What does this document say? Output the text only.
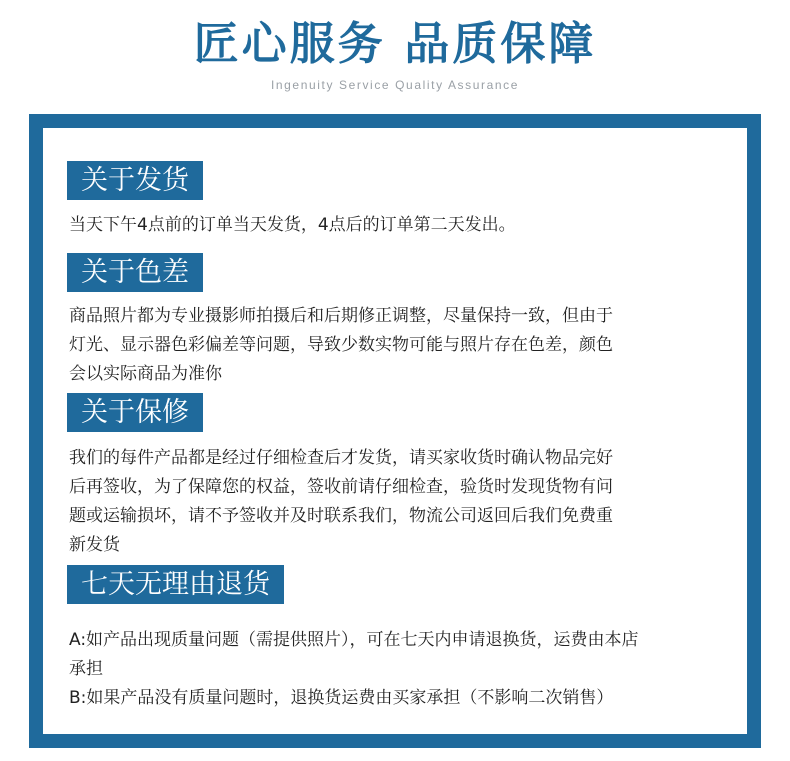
匠心服务 品质保障
Ingenuity Service Quality Assurance
关于发货
当天下午4点前的订单当天发货，4点后的订单第二天发出。
关于色差
商品照片都为专业摄影师拍摄后和后期修正调整，尽量保持一致，但由于
灯光、显示器色彩偏差等问题，导致少数实物可能与照片存在色差，颜色
会以实际商品为准你
关于保修
我们的每件产品都是经过仔细检查后才发货，请买家收货时确认物品完好
后再签收，为了保障您的权益，签收前请仔细检查，验货时发现货物有问
题或运输损坏，请不予签收并及时联系我们，物流公司返回后我们免费重
新发货
七天无理由退货
A:如产品出现质量问题（需提供照片），可在七天内申请退换货，运费由本店
承担
B:如果产品没有质量问题时，退换货运费由买家承担（不影响二次销售）
